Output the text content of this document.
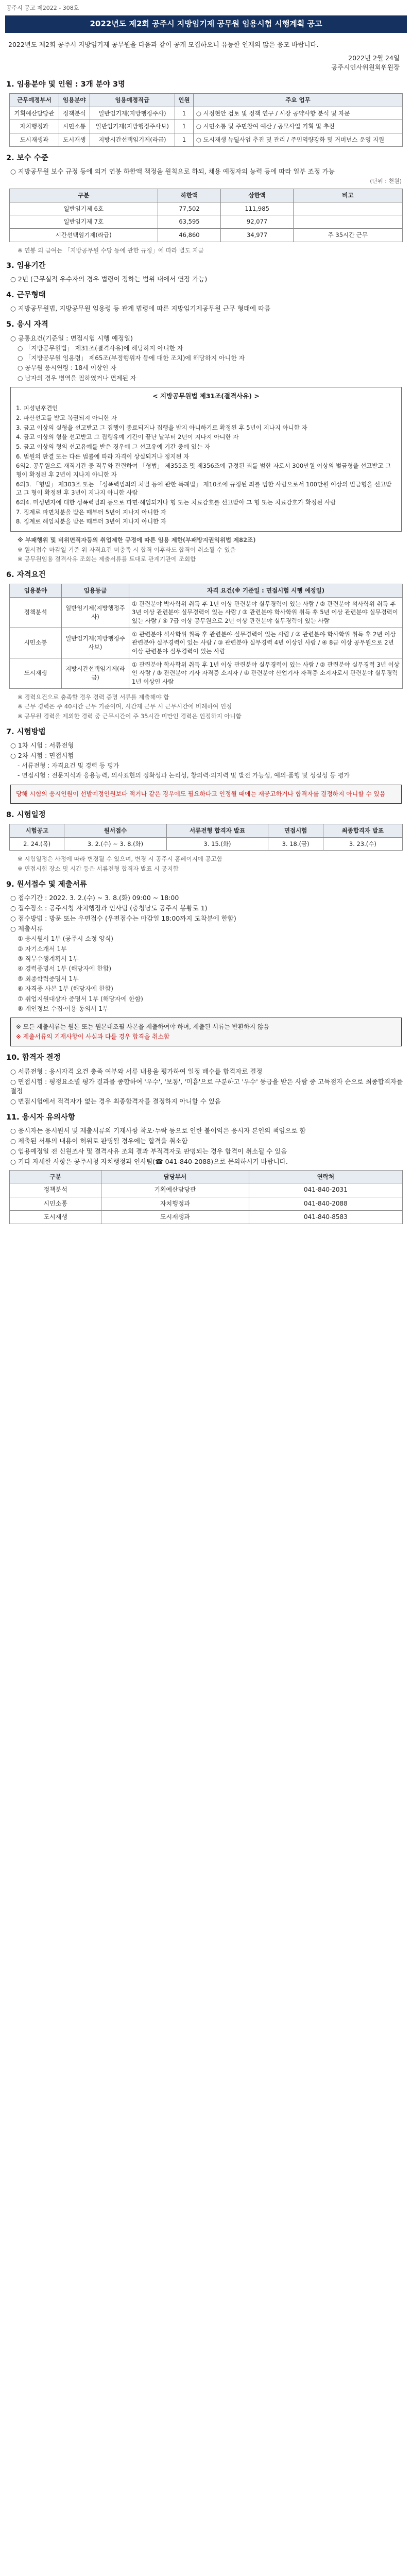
공주시 공고 제2022 - 308호
2022년도 제2회 공주시 지방임기제 공무원 임용시험 시행계획 공고

2022년도 제2회 공주시 지방임기제 공무원을 다음과 같이 공개 모집하오니 유능한 인재의 많은 응모 바랍니다.

2022년 2월 24일
공주시인사위원회위원장
1. 임용분야 및 인원 : 3개 분야 3명
근무예정부서	임용분야	임용예정직급	인원	주요 업무
기획예산담당관	정책분석	일반임기제(지방행정주사)	1	○ 시정현안 검토 및 정책 연구 / 시장 공약사항 분석 및 자문
자치행정과	시민소통	일반임기제(지방행정주사보)	1	○ 시민소통 및 주민참여 예산 / 공모사업 기획 및 추진
도시재생과	도시재생	지방시간선택임기제(라급)	1	○ 도시재생 뉴딜사업 추진 및 관리 / 주민역량강화 및 거버넌스 운영 지원
2. 보수 수준

○ 지방공무원 보수 규정 등에 의거 연봉 하한액 책정을 원칙으로 하되, 채용 예정자의 능력 등에 따라 일부 조정 가능

(단위 : 천원)
구분	하한액	상한액	비고
일반임기제 6호	77,502	111,985	
일반임기제 7호	63,595	92,077	
시간선택임기제(라급)	46,860	34,977	주 35시간 근무

※ 연봉 외 급여는 「지방공무원 수당 등에 관한 규정」에 따라 별도 지급

3. 임용기간

○ 2년 (근무실적 우수자의 경우 법령이 정하는 범위 내에서 연장 가능)

4. 근무형태

○ 지방공무원법, 지방공무원 임용령 등 관계 법령에 따른 지방임기제공무원 근무 형태에 따름

5. 응시 자격
○ 공통요건(기준일 : 면접시험 시행 예정일)
○ 「지방공무원법」 제31조(결격사유)에 해당하지 아니한 자
○ 「지방공무원 임용령」 제65조(부정행위자 등에 대한 조치)에 해당하지 아니한 자
○ 공무원 응시연령 : 18세 이상인 자
○ 남자의 경우 병역을 필하였거나 면제된 자
< 지방공무원법 제31조(결격사유) >

1. 피성년후견인

2. 파산선고를 받고 복권되지 아니한 자

3. 금고 이상의 실형을 선고받고 그 집행이 종료되거나 집행을 받지 아니하기로 확정된 후 5년이 지나지 아니한 자

4. 금고 이상의 형을 선고받고 그 집행유예 기간이 끝난 날부터 2년이 지나지 아니한 자

5. 금고 이상의 형의 선고유예를 받은 경우에 그 선고유예 기간 중에 있는 자

6. 법원의 판결 또는 다른 법률에 따라 자격이 상실되거나 정지된 자

6의2. 공무원으로 재직기간 중 직무와 관련하여 「형법」 제355조 및 제356조에 규정된 죄를 범한 자로서 300만원 이상의 벌금형을 선고받고 그 형이 확정된 후 2년이 지나지 아니한 자

6의3. 「형법」 제303조 또는 「성폭력범죄의 처벌 등에 관한 특례법」 제10조에 규정된 죄를 범한 사람으로서 100만원 이상의 벌금형을 선고받고 그 형이 확정된 후 3년이 지나지 아니한 사람

6의4. 미성년자에 대한 성폭력범죄 등으로 파면·해임되거나 형 또는 치료감호를 선고받아 그 형 또는 치료감호가 확정된 사람

7. 징계로 파면처분을 받은 때부터 5년이 지나지 아니한 자

8. 징계로 해임처분을 받은 때부터 3년이 지나지 아니한 자

※ 부패행위 및 비위면직자등의 취업제한 규정에 따른 임용 제한(부패방지권익위법 제82조)

※ 원서접수 마감일 기준 위 자격요건 미충족 시 합격 이후라도 합격이 취소될 수 있음

※ 공무원임용 결격사유 조회는 제출서류를 토대로 관계기관에 조회함

6. 자격요건
임용분야	임용등급	자격 요건(※ 기준일 : 면접시험 시행 예정일)
정책분석	일반임기제(지방행정주사)	① 관련분야 박사학위 취득 후 1년 이상 관련분야 실무경력이 있는 사람 / ② 관련분야 석사학위 취득 후 3년 이상 관련분야 실무경력이 있는 사람 / ③ 관련분야 학사학위 취득 후 5년 이상 관련분야 실무경력이 있는 사람 / ④ 7급 이상 공무원으로 2년 이상 관련분야 실무경력이 있는 사람
시민소통	일반임기제(지방행정주사보)	① 관련분야 석사학위 취득 후 관련분야 실무경력이 있는 사람 / ② 관련분야 학사학위 취득 후 2년 이상 관련분야 실무경력이 있는 사람 / ③ 관련분야 실무경력 4년 이상인 사람 / ④ 8급 이상 공무원으로 2년 이상 관련분야 실무경력이 있는 사람
도시재생	지방시간선택임기제(라급)	① 관련분야 학사학위 취득 후 1년 이상 관련분야 실무경력이 있는 사람 / ② 관련분야 실무경력 3년 이상인 사람 / ③ 관련분야 기사 자격증 소지자 / ④ 관련분야 산업기사 자격증 소지자로서 관련분야 실무경력 1년 이상인 사람

※ 경력요건으로 충족할 경우 경력 증명 서류를 제출해야 함

※ 근무 경력은 주 40시간 근무 기준이며, 시간제 근무 시 근무시간에 비례하여 인정

※ 공무원 경력을 제외한 경력 중 근무시간이 주 35시간 미만인 경력은 인정하지 아니함

7. 시험방법
○ 1차 시험 : 서류전형
○ 2차 시험 : 면접시험
- 서류전형 : 자격요건 및 경력 등 평가
- 면접시험 : 전문지식과 응용능력, 의사표현의 정확성과 논리성, 창의력·의지력 및 발전 가능성, 예의·품행 및 성실성 등 평가

당해 시험의 응시인원이 선발예정인원보다 적거나 같은 경우에도 필요하다고 인정될 때에는 재공고하거나 합격자를 결정하지 아니할 수 있음

8. 시험일정
시험공고	원서접수	서류전형 합격자 발표	면접시험	최종합격자 발표
2. 24.(목)	3. 2.(수) ~ 3. 8.(화)	3. 15.(화)	3. 18.(금)	3. 23.(수)

※ 시험일정은 사정에 따라 변경될 수 있으며, 변경 시 공주시 홈페이지에 공고함

※ 면접시험 장소 및 시간 등은 서류전형 합격자 발표 시 공지함

9. 원서접수 및 제출서류
○ 접수기간 : 2022. 3. 2.(수) ~ 3. 8.(화) 09:00 ~ 18:00
○ 접수장소 : 공주시청 자치행정과 인사팀 (충청남도 공주시 봉황로 1)
○ 접수방법 : 방문 또는 우편접수 (우편접수는 마감일 18:00까지 도착분에 한함)
○ 제출서류
① 응시원서 1부 (공주시 소정 양식)
② 자기소개서 1부
③ 직무수행계획서 1부
④ 경력증명서 1부 (해당자에 한함)
⑤ 최종학력증명서 1부
⑥ 자격증 사본 1부 (해당자에 한함)
⑦ 취업지원대상자 증명서 1부 (해당자에 한함)
⑧ 개인정보 수집·이용 동의서 1부

※ 모든 제출서류는 원본 또는 원본대조필 사본을 제출하여야 하며, 제출된 서류는 반환하지 않음

※ 제출서류의 기재사항이 사실과 다를 경우 합격을 취소함

10. 합격자 결정
○ 서류전형 : 응시자격 요건 충족 여부와 서류 내용을 평가하여 일정 배수를 합격자로 결정
○ 면접시험 : 평정요소별 평가 결과를 종합하여 '우수', '보통', '미흡'으로 구분하고 '우수' 등급을 받은 사람 중 고득점자 순으로 최종합격자를 결정
○ 면접시험에서 적격자가 없는 경우 최종합격자를 결정하지 아니할 수 있음
11. 응시자 유의사항
○ 응시자는 응시원서 및 제출서류의 기재사항 착오·누락 등으로 인한 불이익은 응시자 본인의 책임으로 함
○ 제출된 서류의 내용이 허위로 판명될 경우에는 합격을 취소함
○ 임용예정일 전 신원조사 및 결격사유 조회 결과 부적격자로 판명되는 경우 합격이 취소될 수 있음
○ 기타 자세한 사항은 공주시청 자치행정과 인사팀(☎ 041-840-2088)으로 문의하시기 바랍니다.
구분	담당부서	연락처
정책분석	기획예산담당관	041-840-2031
시민소통	자치행정과	041-840-2088
도시재생	도시재생과	041-840-8583
